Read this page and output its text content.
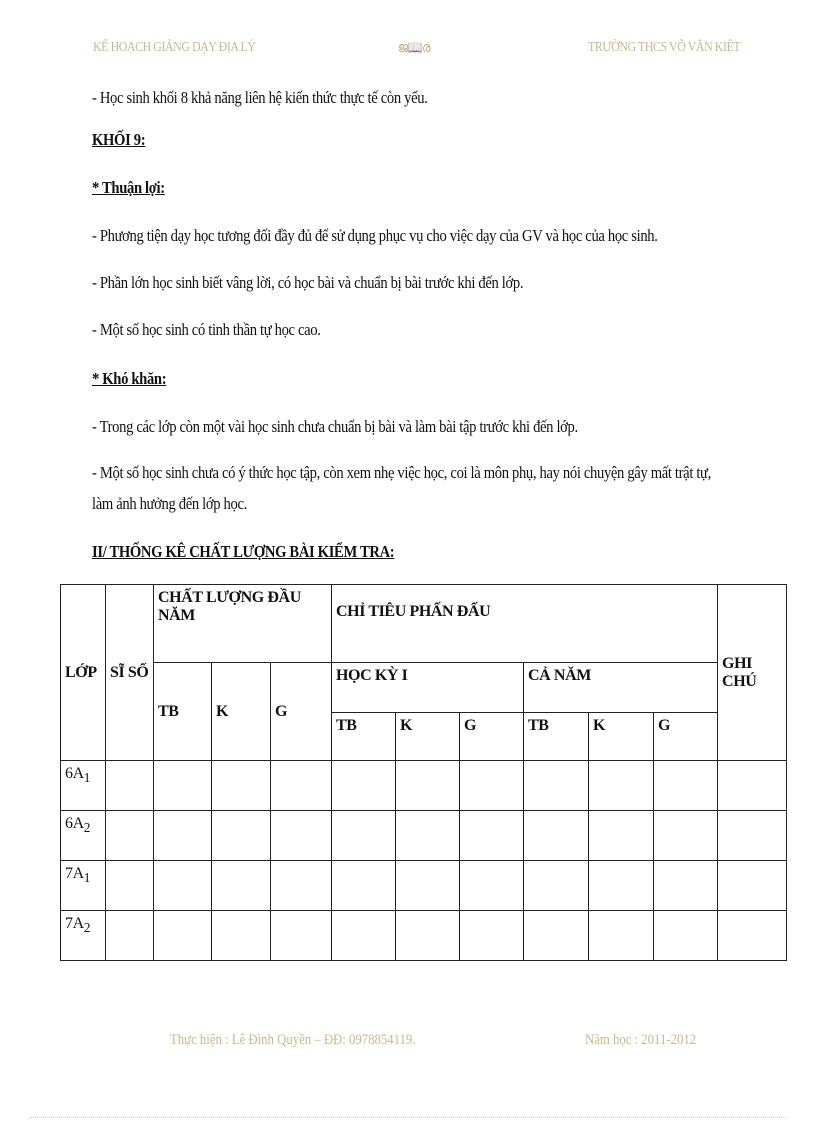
KẾ HOẠCH GIẢNG DẠY ĐỊA LÝ	ജ📖ര	TRƯỜNG THCS VÕ VĂN KIỆT
- Học sinh khối 8 khả năng liên hệ kiến thức thực tế còn yếu.
KHỐI 9:
* Thuận lợi:
- Phương tiện dạy học tương đối đầy đủ để sử dụng phục vụ cho việc dạy của GV và học của học sinh.
- Phần lớn học sinh biết vâng lời, có học bài và chuẩn bị bài trước khi đến lớp.
- Một số học sinh có tinh thần tự học cao.
* Khó khăn:
- Trong các lớp còn một vài học sinh chưa chuẩn bị bài và làm bài tập trước khi đến lớp.
- Một số học sinh chưa có ý thức học tập, còn xem nhẹ việc học, coi là môn phụ, hay nói chuyện gây mất trật tự,
làm ảnh hưởng đến lớp học.
II/ THỐNG KÊ CHẤT LƯỢNG BÀI KIỂM TRA:
LỚP	SĨ SỐ	CHẤT LƯỢNG ĐẦU NĂM			CHỈ TIÊU PHẤN ĐẤU						GHI CHÚ
		TB	K	G	HỌC KỲ I			CẢ NĂM			
					TB	K	G	TB	K	G	
$6A_1$											
$6A_2$											
$7A_1$											
$7A_2$											
Thực hiện : Lê Đình Quyền – ĐĐ: 0978854119.	Năm học : 2011-2012
